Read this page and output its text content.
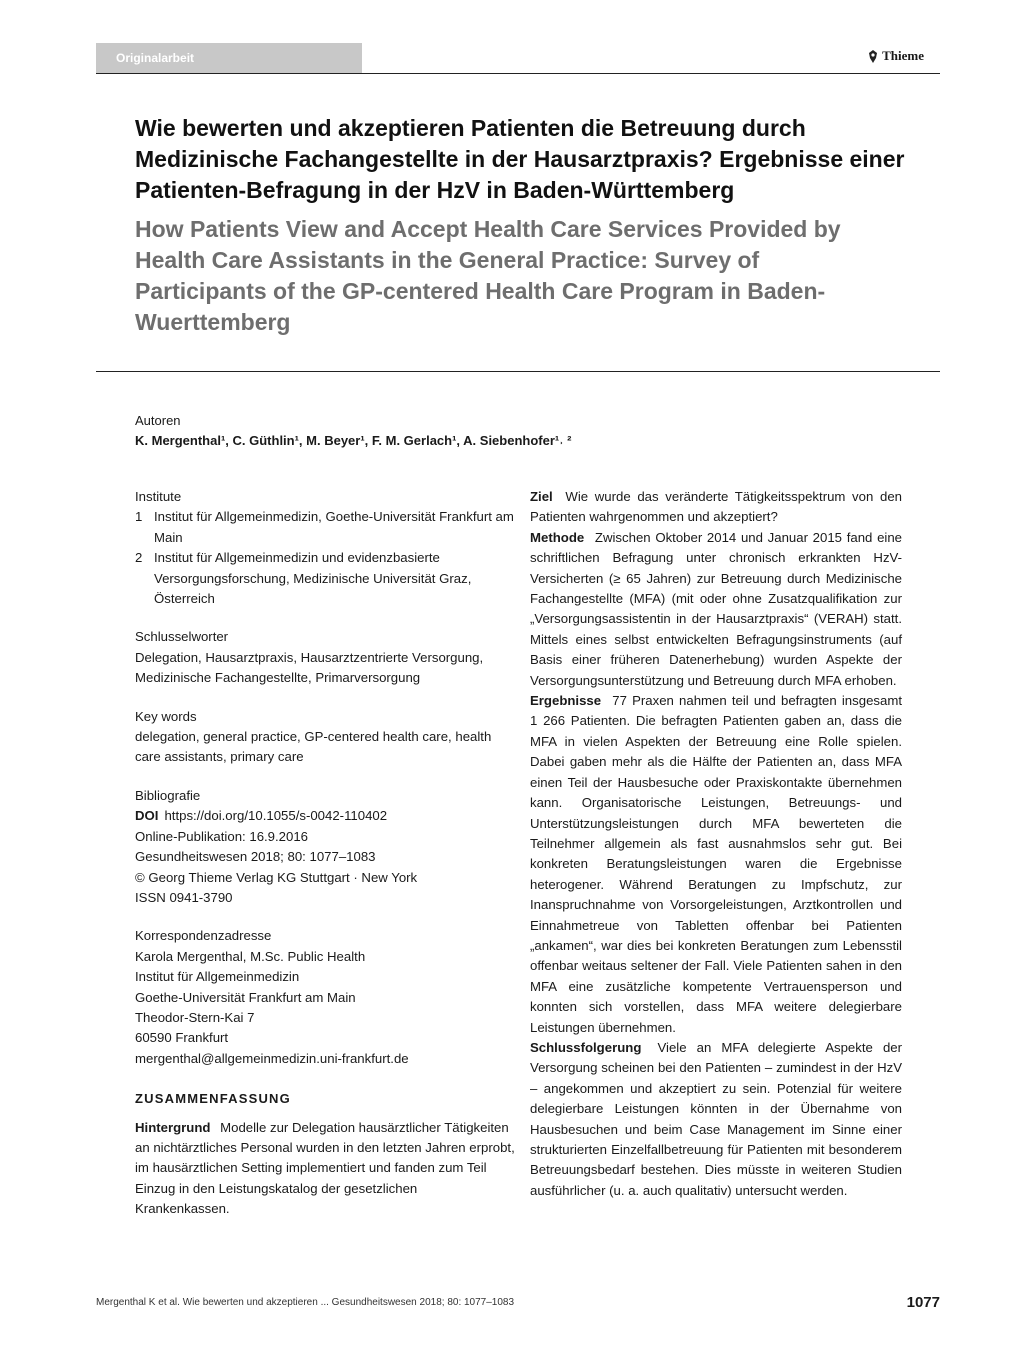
Originalarbeit	Thieme
Wie bewerten und akzeptieren Patienten die Betreuung durch Medizinische Fachangestellte in der Hausarztpraxis? Ergebnisse einer Patienten-Befragung in der HzV in Baden-Württemberg
How Patients View and Accept Health Care Services Provided by Health Care Assistants in the General Practice: Survey of Participants of the GP-centered Health Care Program in Baden-Wuerttemberg
Autoren
K. Mergenthal¹, C. Güthlin¹, M. Beyer¹, F. M. Gerlach¹, A. Siebenhofer¹˒ ²

Institute

1 Institut für Allgemeinmedizin, Goethe-Universität Frankfurt am Main
2 Institut für Allgemeinmedizin und evidenzbasierte Versorgungsforschung, Medizinische Universität Graz, Österreich

Schlusselworter

Delegation, Hausarztpraxis, Hausarztzentrierte Versorgung, Medizinische Fachangestellte, Primarversorgung

Key words

delegation, general practice, GP-centered health care, health care assistants, primary care

Bibliografie

DOI https://doi.org/10.1055/s-0042-110402

Online-Publikation: 16.9.2016

Gesundheitswesen 2018; 80: 1077–1083

© Georg Thieme Verlag KG Stuttgart · New York

ISSN 0941-3790

Korrespondenzadresse

Karola Mergenthal, M.Sc. Public Health

Institut für Allgemeinmedizin

Goethe-Universität Frankfurt am Main

Theodor-Stern-Kai 7

60590 Frankfurt

mergenthal@allgemeinmedizin.uni-frankfurt.de

ZUSAMMENFASSUNG

Hintergrund Modelle zur Delegation hausärztlicher Tätigkeiten an nichtärztliches Personal wurden in den letzten Jahren erprobt, im hausärztlichen Setting implementiert und fanden zum Teil Einzug in den Leistungskatalog der gesetzlichen Krankenkassen.

Ziel Wie wurde das veränderte Tätigkeitsspektrum von den Patienten wahrgenommen und akzeptiert?

Methode Zwischen Oktober 2014 und Januar 2015 fand eine schriftlichen Befragung unter chronisch erkrankten HzV-Versicherten (≥ 65 Jahren) zur Betreuung durch Medizinische Fachangestellte (MFA) (mit oder ohne Zusatzqualifikation zur „Versorgungsassistentin in der Hausarztpraxis“ (VERAH) statt. Mittels eines selbst entwickelten Befragungsinstruments (auf Basis einer früheren Datenerhebung) wurden Aspekte der Versorgungsunterstützung und Betreuung durch MFA erhoben.

Ergebnisse 77 Praxen nahmen teil und befragten insgesamt 1 266 Patienten. Die befragten Patienten gaben an, dass die MFA in vielen Aspekten der Betreuung eine Rolle spielen. Dabei gaben mehr als die Hälfte der Patienten an, dass MFA einen Teil der Hausbesuche oder Praxiskontakte übernehmen kann. Organisatorische Leistungen, Betreuungs- und Unterstützungsleistungen durch MFA bewerteten die Teilnehmer allgemein als fast ausnahmslos sehr gut. Bei konkreten Beratungsleistungen waren die Ergebnisse heterogener. Während Beratungen zu Impfschutz, zur Inanspruchnahme von Vorsorgeleistungen, Arztkontrollen und Einnahmetreue von Tabletten offenbar bei Patienten „ankamen“, war dies bei konkreten Beratungen zum Lebensstil offenbar weitaus seltener der Fall. Viele Patienten sahen in den MFA eine zusätzliche kompetente Vertrauensperson und konnten sich vorstellen, dass MFA weitere delegierbare Leistungen übernehmen.

Schlussfolgerung Viele an MFA delegierte Aspekte der Versorgung scheinen bei den Patienten – zumindest in der HzV – angekommen und akzeptiert zu sein. Potenzial für weitere delegierbare Leistungen könnten in der Übernahme von Hausbesuchen und beim Case Management im Sinne einer strukturierten Einzelfallbetreuung für Patienten mit besonderem Betreuungsbedarf bestehen. Dies müsste in weiteren Studien ausführlicher (u. a. auch qualitativ) untersucht werden.

Mergenthal K et al. Wie bewerten und akzeptieren ... Gesundheitswesen 2018; 80: 1077–1083	1077
